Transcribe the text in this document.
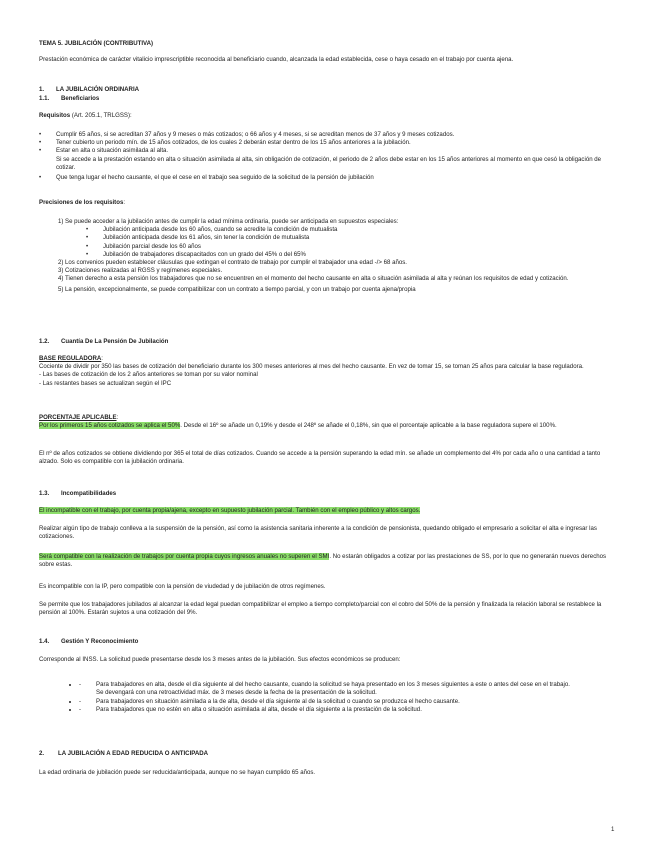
TEMA 5. JUBILACIÓN (CONTRIBUTIVA)
Prestación económica de carácter vitalicio imprescriptible reconocida al beneficiario cuando, alcanzada la edad establecida, cese o haya cesado en el trabajo por cuenta ajena.
1. LA JUBILACIÓN ORDINARIA
1.1. Beneficiarios
Requisitos (Art. 205.1, TRLGSS):
• Cumplir 65 años, si se acreditan 37 años y 9 meses o más cotizados; o 66 años y 4 meses, si se acreditan menos de 37 años y 9 meses cotizados.
• Tener cubierto un periodo mín. de 15 años cotizados, de los cuales 2 deberán estar dentro de los 15 años anteriores a la jubilación.
• Estar en alta o situación asimilada al alta.
Si se accede a la prestación estando en alta o situación asimilada al alta, sin obligación de cotización, el periodo de 2 años debe estar en los 15 años anteriores al momento en que cesó la obligación de cotizar.
• Que tenga lugar el hecho causante, el que el cese en el trabajo sea seguido de la solicitud de la pensión de jubilación
Precisiones de los requisitos:
1) Se puede acceder a la jubilación antes de cumplir la edad mínima ordinaria, puede ser anticipada en supuestos especiales:
• Jubilación anticipada desde los 60 años, cuando se acredite la condición de mutualista
• Jubilación anticipada desde los 61 años, sin tener la condición de mutualista
• Jubilación parcial desde los 60 años
• Jubilación de trabajadores discapacitados con un grado del 45% o del 65%
2) Los convenios pueden establecer cláusulas que extingan el contrato de trabajo por cumplir el trabajador una edad -/> 68 años.
3) Cotizaciones realizadas al RGSS y regímenes especiales.
4) Tienen derecho a esta pensión los trabajadores que no se encuentren en el momento del hecho causante en alta o situación asimilada al alta y reúnan los requisitos de edad y cotización.
5) La pensión, excepcionalmente, se puede compatibilizar con un contrato a tiempo parcial, y con un trabajo por cuenta ajena/propia
1.2. Cuantía De La Pensión De Jubilación
BASE REGULADORA:
Cociente de dividir por 350 las bases de cotización del beneficiario durante los 300 meses anteriores al mes del hecho causante. En vez de tomar 15, se toman 25 años para calcular la base reguladora.
- Las bases de cotización de los 2 años anteriores se toman por su valor nominal
- Las restantes bases se actualizan según el IPC
PORCENTAJE APLICABLE:
Por los primeros 15 años cotizados se aplica el 50%. Desde el 16º se añade un 0,19% y desde el 248º se añade el 0,18%, sin que el porcentaje aplicable a la base reguladora supere el 100%.
El nº de años cotizados se obtiene dividiendo por 365 el total de días cotizados. Cuando se accede a la pensión superando la edad mín. se añade un complemento del 4% por cada año o una cantidad a tanto alzado. Solo es compatible con la jubilación ordinaria.
1.3. Incompatibilidades
El incompatible con el trabajo, por cuenta propia/ajena, excepto en supuesto jubilación parcial. También con el empleo público y altos cargos.
Realizar algún tipo de trabajo conlleva a la suspensión de la pensión, así como la asistencia sanitaria inherente a la condición de pensionista, quedando obligado el empresario a solicitar el alta e ingresar las cotizaciones.
Será compatible con la realización de trabajos por cuenta propia cuyos ingresos anuales no superen el SMI. No estarán obligados a cotizar por las prestaciones de SS, por lo que no generarán nuevos derechos sobre estas.
Es incompatible con la IP, pero compatible con la pensión de viudedad y de jubilación de otros regímenes.
Se permite que los trabajadores jubilados al alcanzar la edad legal puedan compatibilizar el empleo a tiempo completo/parcial con el cobro del 50% de la pensión y finalizada la relación laboral se restablece la pensión al 100%. Estarán sujetos a una cotización del 9%.
1.4. Gestión Y Reconocimiento
Corresponde al INSS. La solicitud puede presentarse desde los 3 meses antes de la jubilación. Sus efectos económicos se producen:
- • Para trabajadores en alta, desde el día siguiente al del hecho causante, cuando la solicitud se haya presentado en los 3 meses siguientes a este o antes del cese en el trabajo.
Se devengará con una retroactividad máx. de 3 meses desde la fecha de la presentación de la solicitud.
- • Para trabajadores en situación asimilada a la de alta, desde el día siguiente al de la solicitud o cuando se produzca el hecho causante.
- • Para trabajadores que no estén en alta o situación asimilada al alta, desde el día siguiente a la prestación de la solicitud.
2. LA JUBILACIÓN A EDAD REDUCIDA O ANTICIPADA
La edad ordinaria de jubilación puede ser reducida/anticipada, aunque no se hayan cumplido 65 años.
1
